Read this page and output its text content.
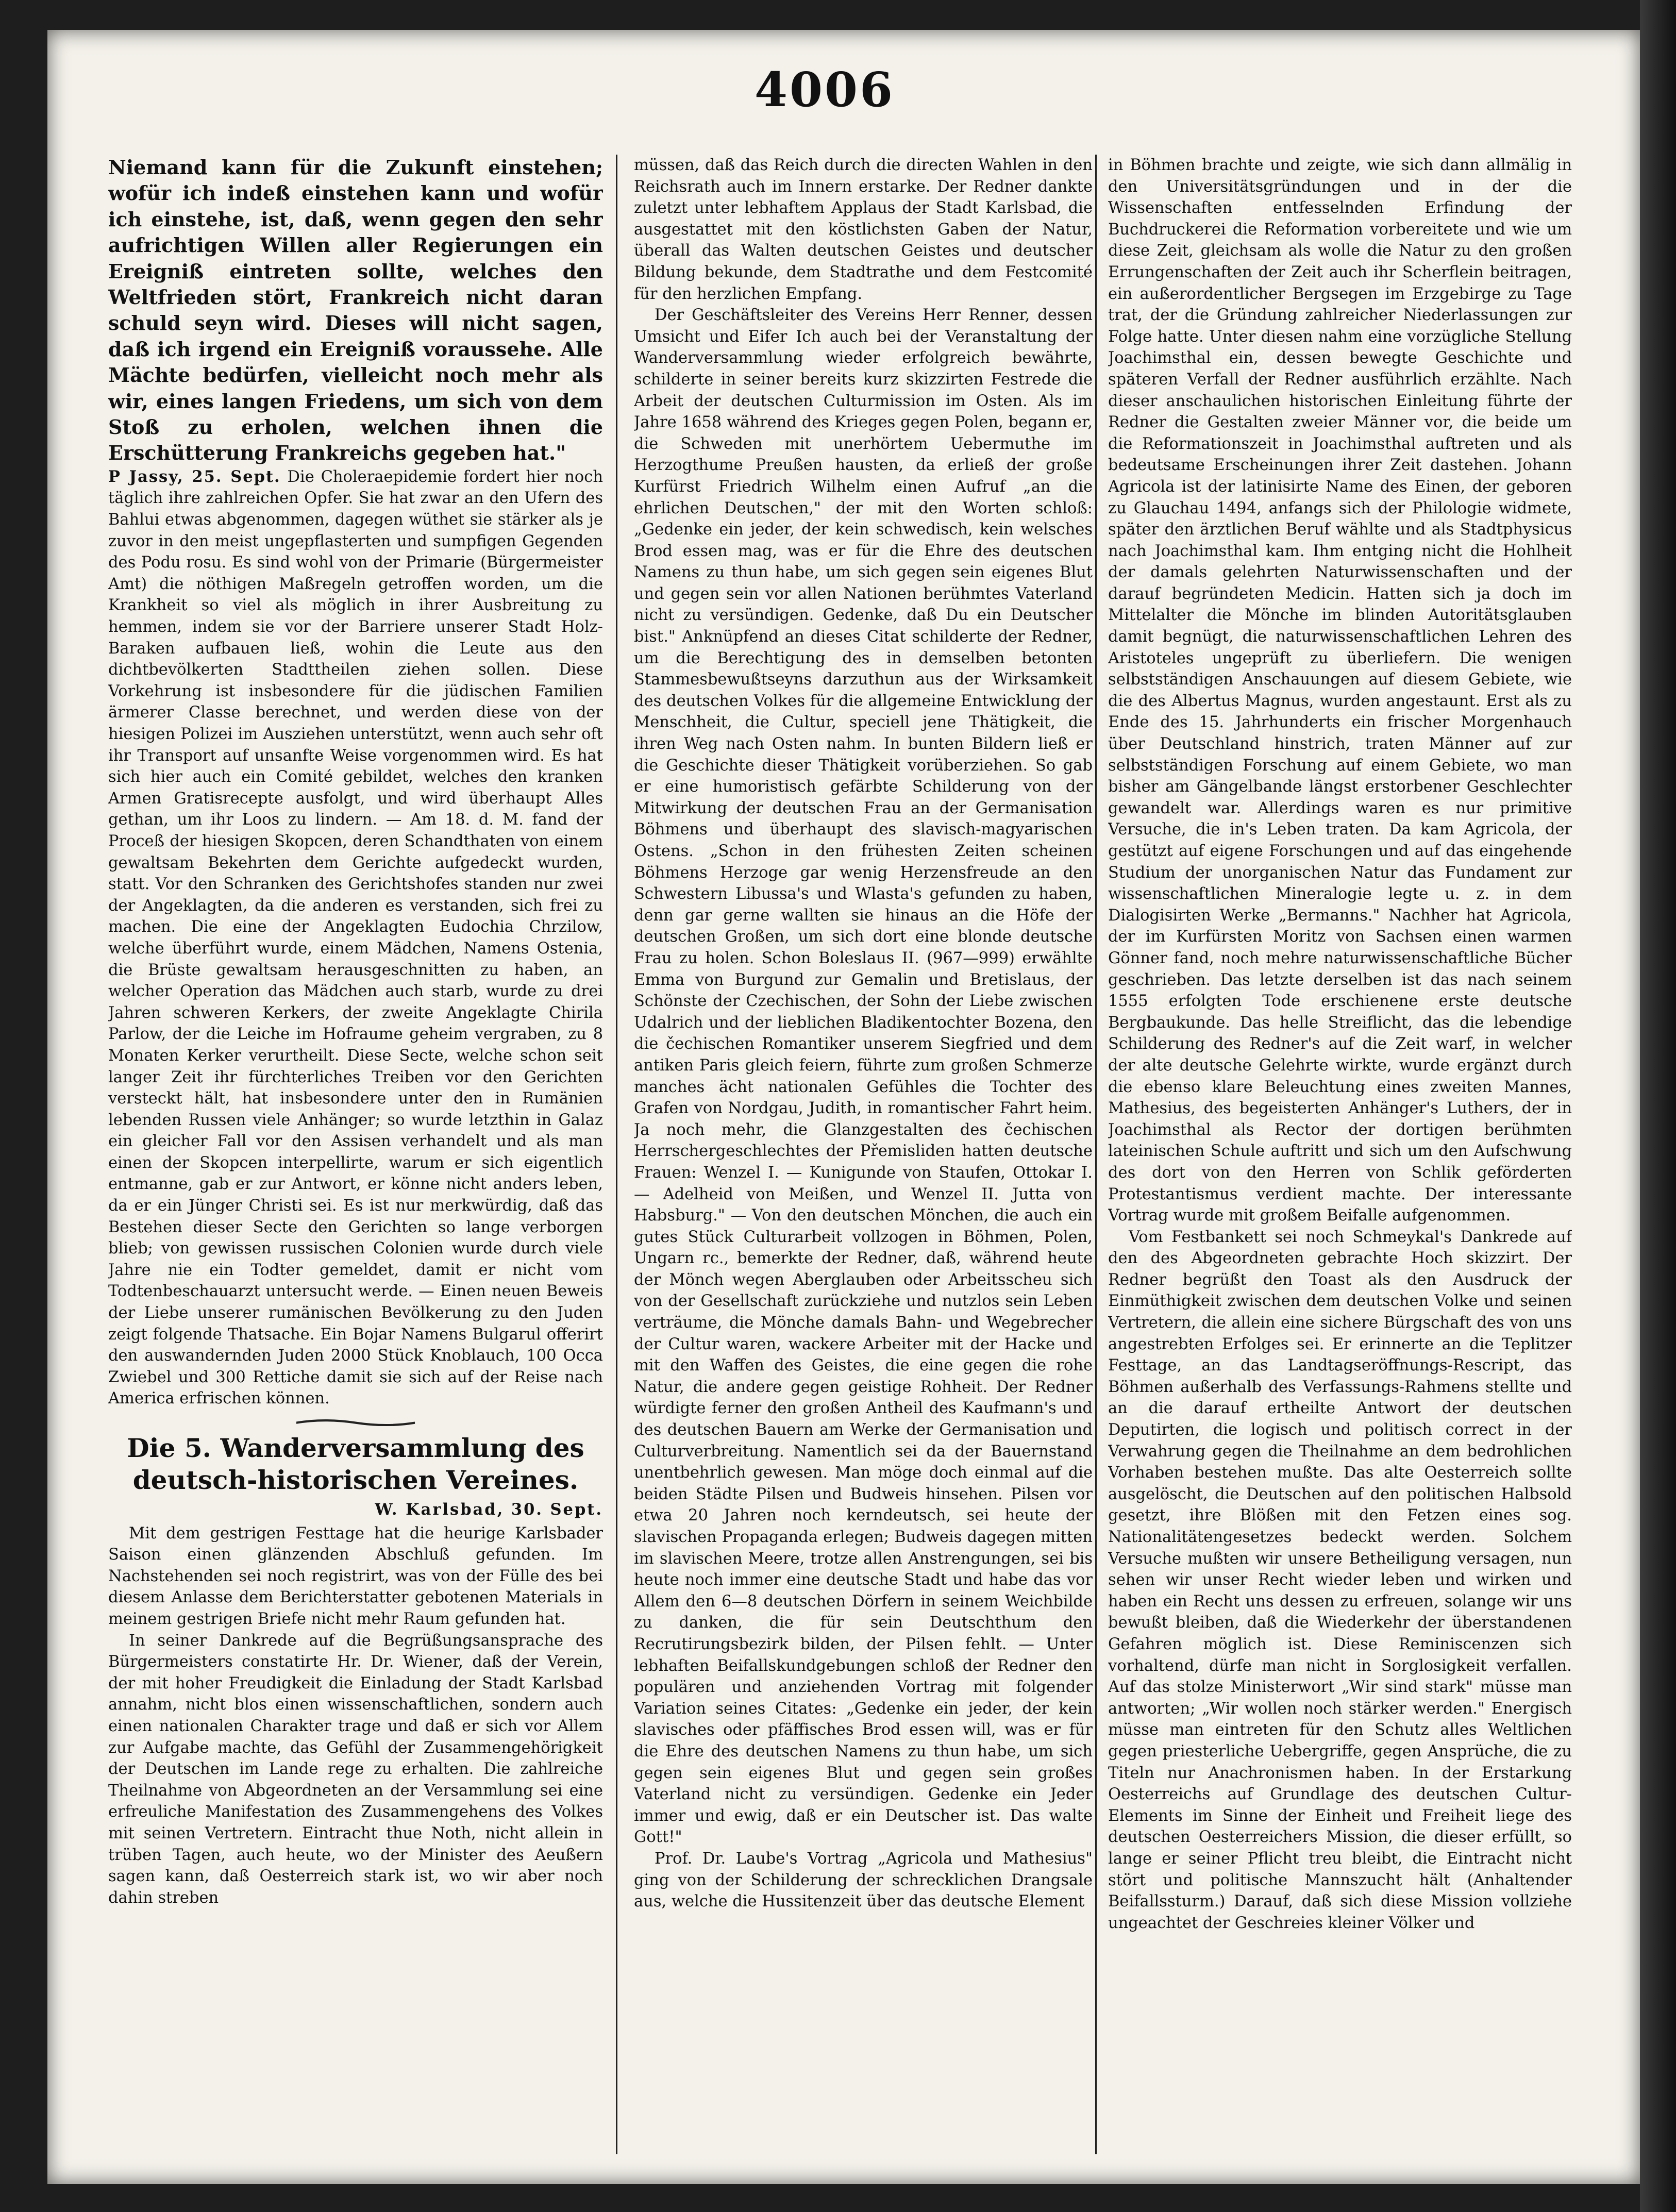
4006

Niemand kann für die Zukunft einstehen; wofür ich indeß einstehen kann und wofür ich einstehe, ist, daß, wenn gegen den sehr aufrichtigen Willen aller Regierungen ein Ereigniß eintreten sollte, welches den Weltfrieden stört, Frankreich nicht daran schuld seyn wird. Dieses will nicht sagen, daß ich irgend ein Ereigniß voraussehe. Alle Mächte bedürfen, vielleicht noch mehr als wir, eines langen Friedens, um sich von dem Stoß zu erholen, welchen ihnen die Erschütterung Frankreichs gegeben hat."

P Jassy, 25. Sept. Die Choleraepidemie fordert hier noch täglich ihre zahlreichen Opfer. Sie hat zwar an den Ufern des Bahlui etwas abgenommen, dagegen wüthet sie stärker als je zuvor in den meist ungepflasterten und sumpfigen Gegenden des Podu rosu. Es sind wohl von der Primarie (Bürgermeister Amt) die nöthigen Maßregeln getroffen worden, um die Krankheit so viel als möglich in ihrer Ausbreitung zu hemmen, indem sie vor der Barriere unserer Stadt Holz-Baraken aufbauen ließ, wohin die Leute aus den dichtbevölkerten Stadttheilen ziehen sollen. Diese Vorkehrung ist insbesondere für die jüdischen Familien ärmerer Classe berechnet, und werden diese von der hiesigen Polizei im Ausziehen unterstützt, wenn auch sehr oft ihr Transport auf unsanfte Weise vorgenommen wird. Es hat sich hier auch ein Comité gebildet, welches den kranken Armen Gratisrecepte ausfolgt, und wird überhaupt Alles gethan, um ihr Loos zu lindern. — Am 18. d. M. fand der Proceß der hiesigen Skopcen, deren Schandthaten von einem gewaltsam Bekehrten dem Gerichte aufgedeckt wurden, statt. Vor den Schranken des Gerichtshofes standen nur zwei der Angeklagten, da die anderen es verstanden, sich frei zu machen. Die eine der Angeklagten Eudochia Chrzilow, welche überführt wurde, einem Mädchen, Namens Ostenia, die Brüste gewaltsam herausgeschnitten zu haben, an welcher Operation das Mädchen auch starb, wurde zu drei Jahren schweren Kerkers, der zweite Angeklagte Chirila Parlow, der die Leiche im Hofraume geheim vergraben, zu 8 Monaten Kerker verurtheilt. Diese Secte, welche schon seit langer Zeit ihr fürchterliches Treiben vor den Gerichten versteckt hält, hat insbesondere unter den in Rumänien lebenden Russen viele Anhänger; so wurde letzthin in Galaz ein gleicher Fall vor den Assisen verhandelt und als man einen der Skopcen interpellirte, warum er sich eigentlich entmanne, gab er zur Antwort, er könne nicht anders leben, da er ein Jünger Christi sei. Es ist nur merkwürdig, daß das Bestehen dieser Secte den Gerichten so lange verborgen blieb; von gewissen russischen Colonien wurde durch viele Jahre nie ein Todter gemeldet, damit er nicht vom Todtenbeschauarzt untersucht werde. — Einen neuen Beweis der Liebe unserer rumänischen Bevölkerung zu den Juden zeigt folgende Thatsache. Ein Bojar Namens Bulgarul offerirt den auswandernden Juden 2000 Stück Knoblauch, 100 Occa Zwiebel und 300 Rettiche damit sie sich auf der Reise nach America erfrischen können.

Die 5. Wanderversammlung des deutsch-historischen Vereines.
W. Karlsbad, 30. Sept.

Mit dem gestrigen Festtage hat die heurige Karlsbader Saison einen glänzenden Abschluß gefunden. Im Nachstehenden sei noch registrirt, was von der Fülle des bei diesem Anlasse dem Berichterstatter gebotenen Materials in meinem gestrigen Briefe nicht mehr Raum gefunden hat.

In seiner Dankrede auf die Begrüßungsansprache des Bürgermeisters constatirte Hr. Dr. Wiener, daß der Verein, der mit hoher Freudigkeit die Einladung der Stadt Karlsbad annahm, nicht blos einen wissenschaftlichen, sondern auch einen nationalen Charakter trage und daß er sich vor Allem zur Aufgabe machte, das Gefühl der Zusammengehörigkeit der Deutschen im Lande rege zu erhalten. Die zahlreiche Theilnahme von Abgeordneten an der Versammlung sei eine erfreuliche Manifestation des Zusammengehens des Volkes mit seinen Vertretern. Eintracht thue Noth, nicht allein in trüben Tagen, auch heute, wo der Minister des Aeußern sagen kann, daß Oesterreich stark ist, wo wir aber noch dahin streben

müssen, daß das Reich durch die directen Wahlen in den Reichsrath auch im Innern erstarke. Der Redner dankte zuletzt unter lebhaftem Applaus der Stadt Karlsbad, die ausgestattet mit den köstlichsten Gaben der Natur, überall das Walten deutschen Geistes und deutscher Bildung bekunde, dem Stadtrathe und dem Festcomité für den herzlichen Empfang.

Der Geschäftsleiter des Vereins Herr Renner, dessen Umsicht und Eifer Ich auch bei der Veranstaltung der Wanderversammlung wieder erfolgreich bewährte, schilderte in seiner bereits kurz skizzirten Festrede die Arbeit der deutschen Culturmission im Osten. Als im Jahre 1658 während des Krieges gegen Polen, begann er, die Schweden mit unerhörtem Uebermuthe im Herzogthume Preußen hausten, da erließ der große Kurfürst Friedrich Wilhelm einen Aufruf „an die ehrlichen Deutschen," der mit den Worten schloß: „Gedenke ein jeder, der kein schwedisch, kein welsches Brod essen mag, was er für die Ehre des deutschen Namens zu thun habe, um sich gegen sein eigenes Blut und gegen sein vor allen Nationen berühmtes Vaterland nicht zu versündigen. Gedenke, daß Du ein Deutscher bist." Anknüpfend an dieses Citat schilderte der Redner, um die Berechtigung des in demselben betonten Stammesbewußtseyns darzuthun aus der Wirksamkeit des deutschen Volkes für die allgemeine Entwicklung der Menschheit, die Cultur, speciell jene Thätigkeit, die ihren Weg nach Osten nahm. In bunten Bildern ließ er die Geschichte dieser Thätigkeit vorüberziehen. So gab er eine humoristisch gefärbte Schilderung von der Mitwirkung der deutschen Frau an der Germanisation Böhmens und überhaupt des slavisch-magyarischen Ostens. „Schon in den frühesten Zeiten scheinen Böhmens Herzoge gar wenig Herzensfreude an den Schwestern Libussa's und Wlasta's gefunden zu haben, denn gar gerne wallten sie hinaus an die Höfe der deutschen Großen, um sich dort eine blonde deutsche Frau zu holen. Schon Boleslaus II. (967—999) erwählte Emma von Burgund zur Gemalin und Bretislaus, der Schönste der Czechischen, der Sohn der Liebe zwischen Udalrich und der lieblichen Bladikentochter Bozena, den die čechischen Romantiker unserem Siegfried und dem antiken Paris gleich feiern, führte zum großen Schmerze manches ächt nationalen Gefühles die Tochter des Grafen von Nordgau, Judith, in romantischer Fahrt heim. Ja noch mehr, die Glanzgestalten des čechischen Herrschergeschlechtes der Přemisliden hatten deutsche Frauen: Wenzel I. — Kunigunde von Staufen, Ottokar I. — Adelheid von Meißen, und Wenzel II. Jutta von Habsburg." — Von den deutschen Mönchen, die auch ein gutes Stück Culturarbeit vollzogen in Böhmen, Polen, Ungarn rc., bemerkte der Redner, daß, während heute der Mönch wegen Aberglauben oder Arbeitsscheu sich von der Gesellschaft zurückziehe und nutzlos sein Leben verträume, die Mönche damals Bahn- und Wegebrecher der Cultur waren, wackere Arbeiter mit der Hacke und mit den Waffen des Geistes, die eine gegen die rohe Natur, die andere gegen geistige Rohheit. Der Redner würdigte ferner den großen Antheil des Kaufmann's und des deutschen Bauern am Werke der Germanisation und Culturverbreitung. Namentlich sei da der Bauernstand unentbehrlich gewesen. Man möge doch einmal auf die beiden Städte Pilsen und Budweis hinsehen. Pilsen vor etwa 20 Jahren noch kerndeutsch, sei heute der slavischen Propaganda erlegen; Budweis dagegen mitten im slavischen Meere, trotze allen Anstrengungen, sei bis heute noch immer eine deutsche Stadt und habe das vor Allem den 6—8 deutschen Dörfern in seinem Weichbilde zu danken, die für sein Deutschthum den Recrutirungsbezirk bilden, der Pilsen fehlt. — Unter lebhaften Beifallskundgebungen schloß der Redner den populären und anziehenden Vortrag mit folgender Variation seines Citates: „Gedenke ein jeder, der kein slavisches oder pfäffisches Brod essen will, was er für die Ehre des deutschen Namens zu thun habe, um sich gegen sein eigenes Blut und gegen sein großes Vaterland nicht zu versündigen. Gedenke ein Jeder immer und ewig, daß er ein Deutscher ist. Das walte Gott!"

Prof. Dr. Laube's Vortrag „Agricola und Mathesius" ging von der Schilderung der schrecklichen Drangsale aus, welche die Hussitenzeit über das deutsche Element

in Böhmen brachte und zeigte, wie sich dann allmälig in den Universitätsgründungen und in der die Wissenschaften entfesselnden Erfindung der Buchdruckerei die Reformation vorbereitete und wie um diese Zeit, gleichsam als wolle die Natur zu den großen Errungenschaften der Zeit auch ihr Scherflein beitragen, ein außerordentlicher Bergsegen im Erzgebirge zu Tage trat, der die Gründung zahlreicher Niederlassungen zur Folge hatte. Unter diesen nahm eine vorzügliche Stellung Joachimsthal ein, dessen bewegte Geschichte und späteren Verfall der Redner ausführlich erzählte. Nach dieser anschaulichen historischen Einleitung führte der Redner die Gestalten zweier Männer vor, die beide um die Reformationszeit in Joachimsthal auftreten und als bedeutsame Erscheinungen ihrer Zeit dastehen. Johann Agricola ist der latinisirte Name des Einen, der geboren zu Glauchau 1494, anfangs sich der Philologie widmete, später den ärztlichen Beruf wählte und als Stadtphysicus nach Joachimsthal kam. Ihm entging nicht die Hohlheit der damals gelehrten Naturwissenschaften und der darauf begründeten Medicin. Hatten sich ja doch im Mittelalter die Mönche im blinden Autoritätsglauben damit begnügt, die naturwissenschaftlichen Lehren des Aristoteles ungeprüft zu überliefern. Die wenigen selbstständigen Anschauungen auf diesem Gebiete, wie die des Albertus Magnus, wurden angestaunt. Erst als zu Ende des 15. Jahrhunderts ein frischer Morgenhauch über Deutschland hinstrich, traten Männer auf zur selbstständigen Forschung auf einem Gebiete, wo man bisher am Gängelbande längst erstorbener Geschlechter gewandelt war. Allerdings waren es nur primitive Versuche, die in's Leben traten. Da kam Agricola, der gestützt auf eigene Forschungen und auf das eingehende Studium der unorganischen Natur das Fundament zur wissenschaftlichen Mineralogie legte u. z. in dem Dialogisirten Werke „Bermanns." Nachher hat Agricola, der im Kurfürsten Moritz von Sachsen einen warmen Gönner fand, noch mehre naturwissenschaftliche Bücher geschrieben. Das letzte derselben ist das nach seinem 1555 erfolgten Tode erschienene erste deutsche Bergbaukunde. Das helle Streiflicht, das die lebendige Schilderung des Redner's auf die Zeit warf, in welcher der alte deutsche Gelehrte wirkte, wurde ergänzt durch die ebenso klare Beleuchtung eines zweiten Mannes, Mathesius, des begeisterten Anhänger's Luthers, der in Joachimsthal als Rector der dortigen berühmten lateinischen Schule auftritt und sich um den Aufschwung des dort von den Herren von Schlik geförderten Protestantismus verdient machte. Der interessante Vortrag wurde mit großem Beifalle aufgenommen.

Vom Festbankett sei noch Schmeykal's Dankrede auf den des Abgeordneten gebrachte Hoch skizzirt. Der Redner begrüßt den Toast als den Ausdruck der Einmüthigkeit zwischen dem deutschen Volke und seinen Vertretern, die allein eine sichere Bürgschaft des von uns angestrebten Erfolges sei. Er erinnerte an die Teplitzer Festtage, an das Landtagseröffnungs-Rescript, das Böhmen außerhalb des Verfassungs-Rahmens stellte und an die darauf ertheilte Antwort der deutschen Deputirten, die logisch und politisch correct in der Verwahrung gegen die Theilnahme an dem bedrohlichen Vorhaben bestehen mußte. Das alte Oesterreich sollte ausgelöscht, die Deutschen auf den politischen Halbsold gesetzt, ihre Blößen mit den Fetzen eines sog. Nationalitätengesetzes bedeckt werden. Solchem Versuche mußten wir unsere Betheiligung versagen, nun sehen wir unser Recht wieder leben und wirken und haben ein Recht uns dessen zu erfreuen, solange wir uns bewußt bleiben, daß die Wiederkehr der überstandenen Gefahren möglich ist. Diese Reminiscenzen sich vorhaltend, dürfe man nicht in Sorglosigkeit verfallen. Auf das stolze Ministerwort „Wir sind stark" müsse man antworten; „Wir wollen noch stärker werden." Energisch müsse man eintreten für den Schutz alles Weltlichen gegen priesterliche Uebergriffe, gegen Ansprüche, die zu Titeln nur Anachronismen haben. In der Erstarkung Oesterreichs auf Grundlage des deutschen Cultur-Elements im Sinne der Einheit und Freiheit liege des deutschen Oesterreichers Mission, die dieser erfüllt, so lange er seiner Pflicht treu bleibt, die Eintracht nicht stört und politische Mannszucht hält (Anhaltender Beifallssturm.) Darauf, daß sich diese Mission vollziehe ungeachtet der Geschreies kleiner Völker und
